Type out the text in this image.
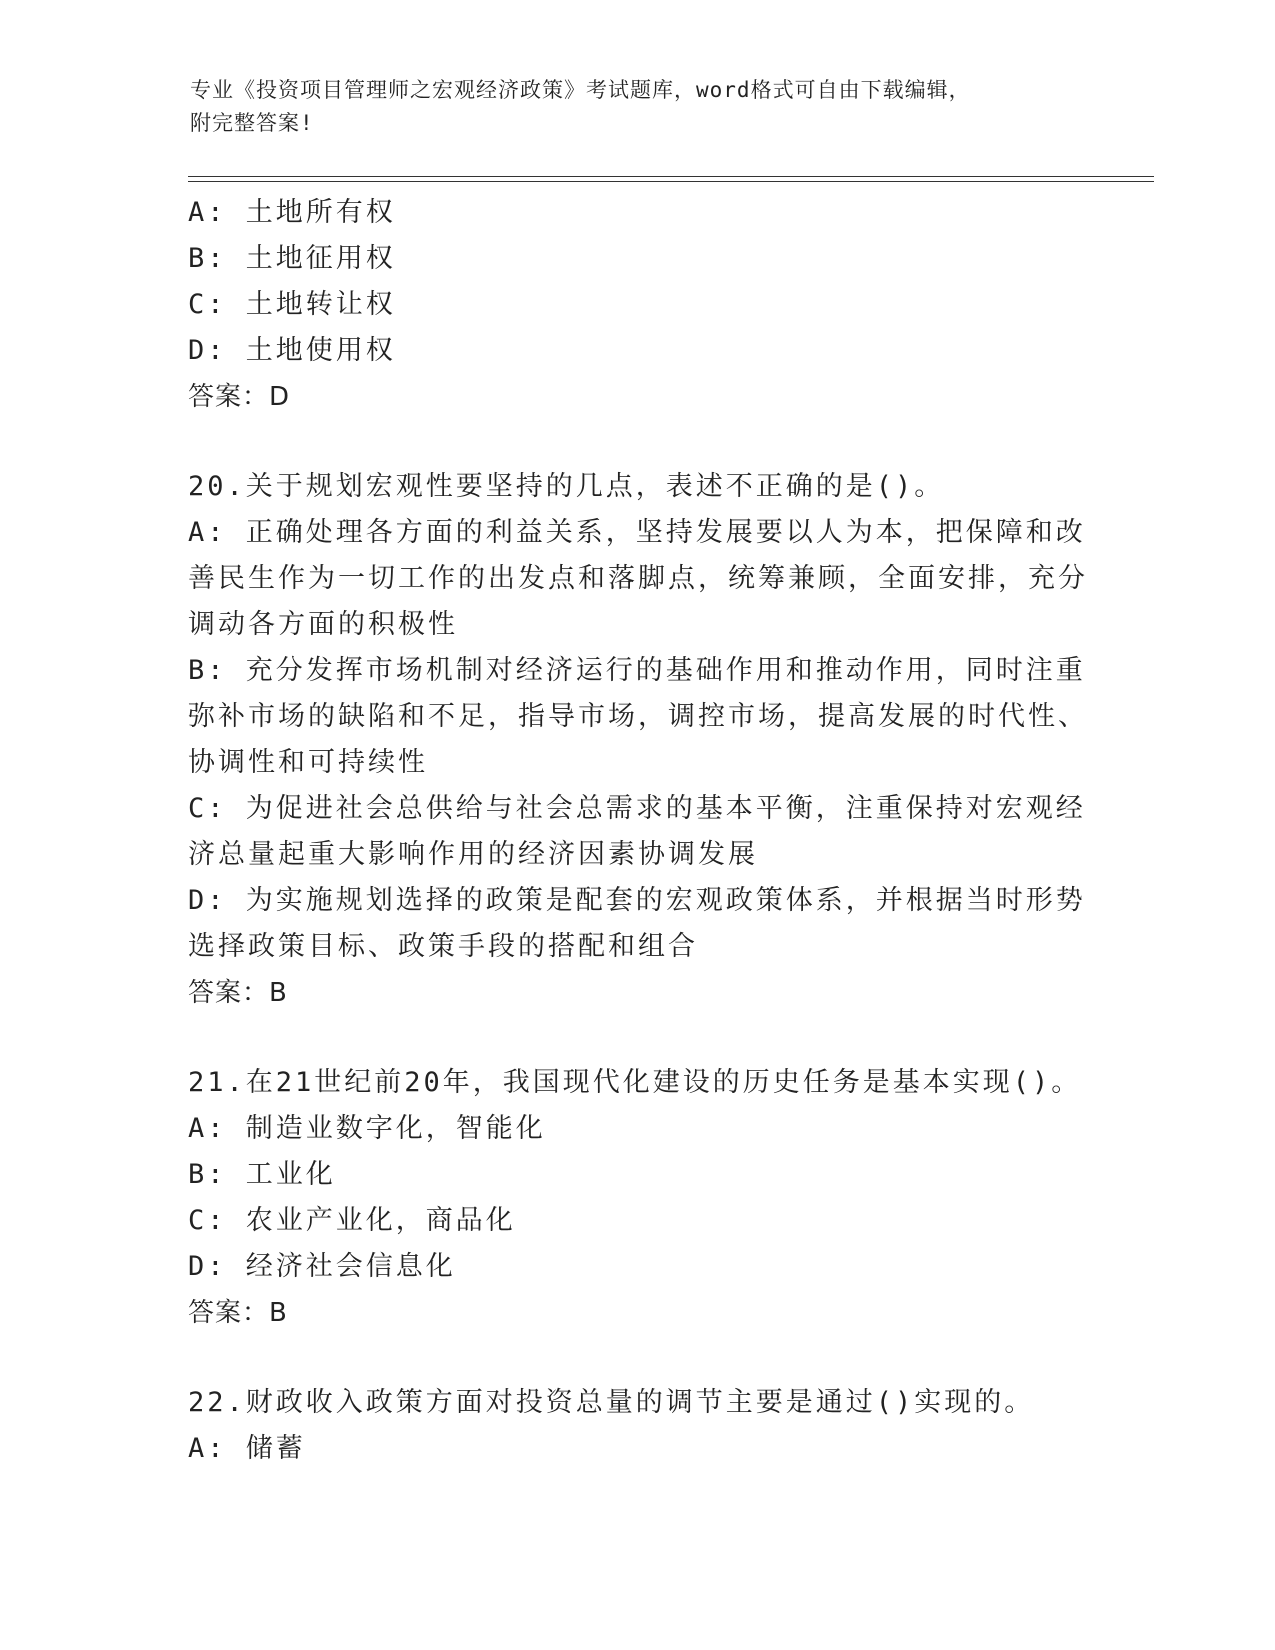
专业《投资项目管理师之宏观经济政策》考试题库，word格式可自由下载编辑，
附完整答案!
A: 土地所有权
B: 土地征用权
C: 土地转让权
D: 土地使用权
答案：D
20.关于规划宏观性要坚持的几点，表述不正确的是()。
A: 正确处理各方面的利益关系，坚持发展要以人为本，把保障和改善民生作为一切工作的出发点和落脚点，统筹兼顾，全面安排，充分调动各方面的积极性
B: 充分发挥市场机制对经济运行的基础作用和推动作用，同时注重弥补市场的缺陷和不足，指导市场，调控市场，提高发展的时代性、协调性和可持续性
C: 为促进社会总供给与社会总需求的基本平衡，注重保持对宏观经济总量起重大影响作用的经济因素协调发展
D: 为实施规划选择的政策是配套的宏观政策体系，并根据当时形势选择政策目标、政策手段的搭配和组合
答案：B
21.在21世纪前20年，我国现代化建设的历史任务是基本实现()。
A: 制造业数字化，智能化
B: 工业化
C: 农业产业化，商品化
D: 经济社会信息化
答案：B
22.财政收入政策方面对投资总量的调节主要是通过()实现的。
A: 储蓄
